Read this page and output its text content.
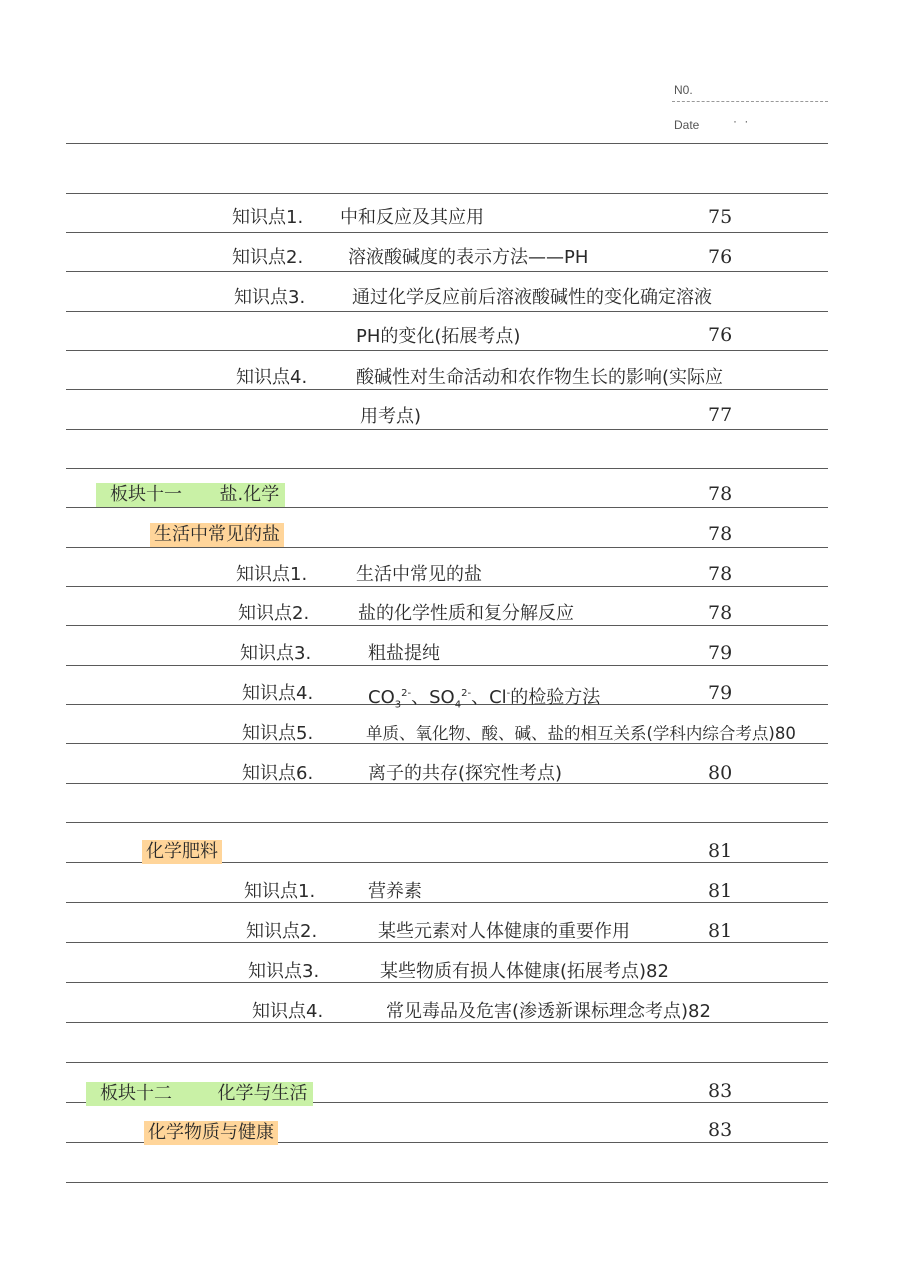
N0.
Date	· ·
知识点1. 中和反应及其应用	75
知识点2. 溶液酸碱度的表示方法——PH	76
知识点3.	通过化学反应前后溶液酸碱性的变化确定溶液
PH的变化(拓展考点)	76
知识点4.	酸碱性对生命活动和农作物生长的影响(实际应
用考点)	77
板块十一 盐.化学	78
生活中常见的盐	78
知识点1.	生活中常见的盐	78
知识点2.	盐的化学性质和复分解反应	78
知识点3.	粗盐提纯	79
知识点4.	$CO_3^{2-}$、$SO_4^{2-}$、Cl-的检验方法	79
知识点5.	单质、氧化物、酸、碱、盐的相互关系(学科内综合考点)80
知识点6.	离子的共存(探究性考点)	80
化学肥料	81
知识点1.	营养素	81
知识点2.	某些元素对人体健康的重要作用	81
知识点3.	某些物质有损人体健康(拓展考点)82
知识点4.	常见毒品及危害(渗透新课标理念考点)82
板块十二	化学与生活	83
化学物质与健康	83
